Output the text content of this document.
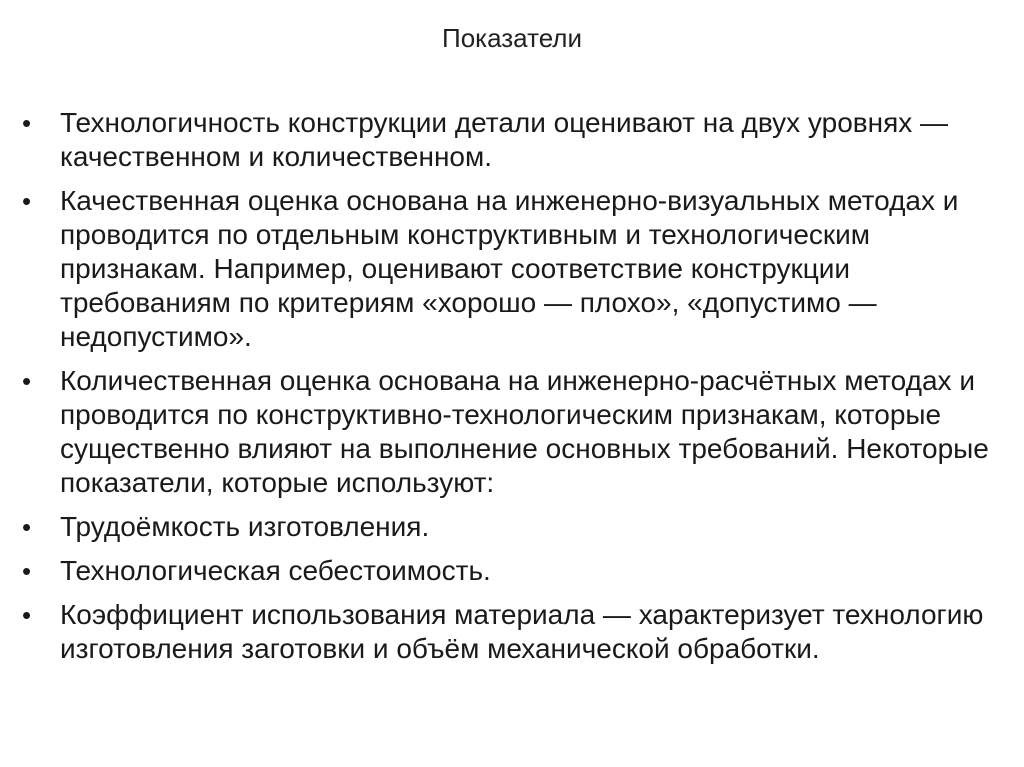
Показатели
•	Технологичность конструкции детали оценивают на двух уровнях — качественном и количественном.
•	Качественная оценка основана на инженерно-визуальных методах и проводится по отдельным конструктивным и технологическим признакам. Например, оценивают соответствие конструкции требованиям по критериям «хорошо — плохо», «допустимо — недопустимо».
•	Количественная оценка основана на инженерно-расчётных методах и проводится по конструктивно-технологическим признакам, которые существенно влияют на выполнение основных требований. Некоторые показатели, которые используют:
•	Трудоёмкость изготовления.
•	Технологическая себестоимость.
•	Коэффициент использования материала — характеризует технологию изготовления заготовки и объём механической обработки.
